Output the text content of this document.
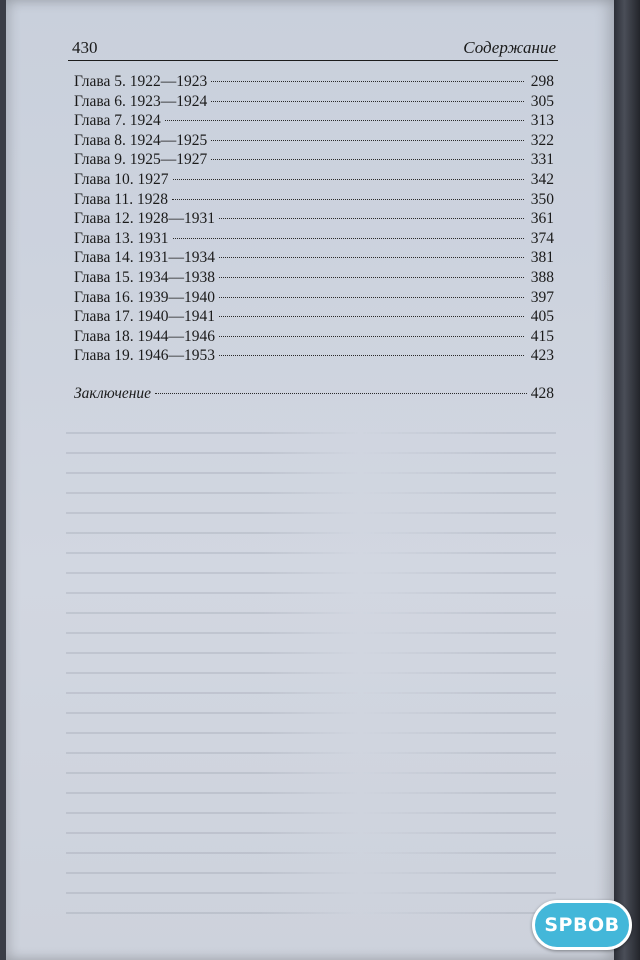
430	Содержание
Глава 5. 1922—1923	298
Глава 6. 1923—1924	305
Глава 7. 1924	313
Глава 8. 1924—1925	322
Глава 9. 1925—1927	331
Глава 10. 1927	342
Глава 11. 1928	350
Глава 12. 1928—1931	361
Глава 13. 1931	374
Глава 14. 1931—1934	381
Глава 15. 1934—1938	388
Глава 16. 1939—1940	397
Глава 17. 1940—1941	405
Глава 18. 1944—1946	415
Глава 19. 1946—1953	423
Заключение	428
SPBOB
